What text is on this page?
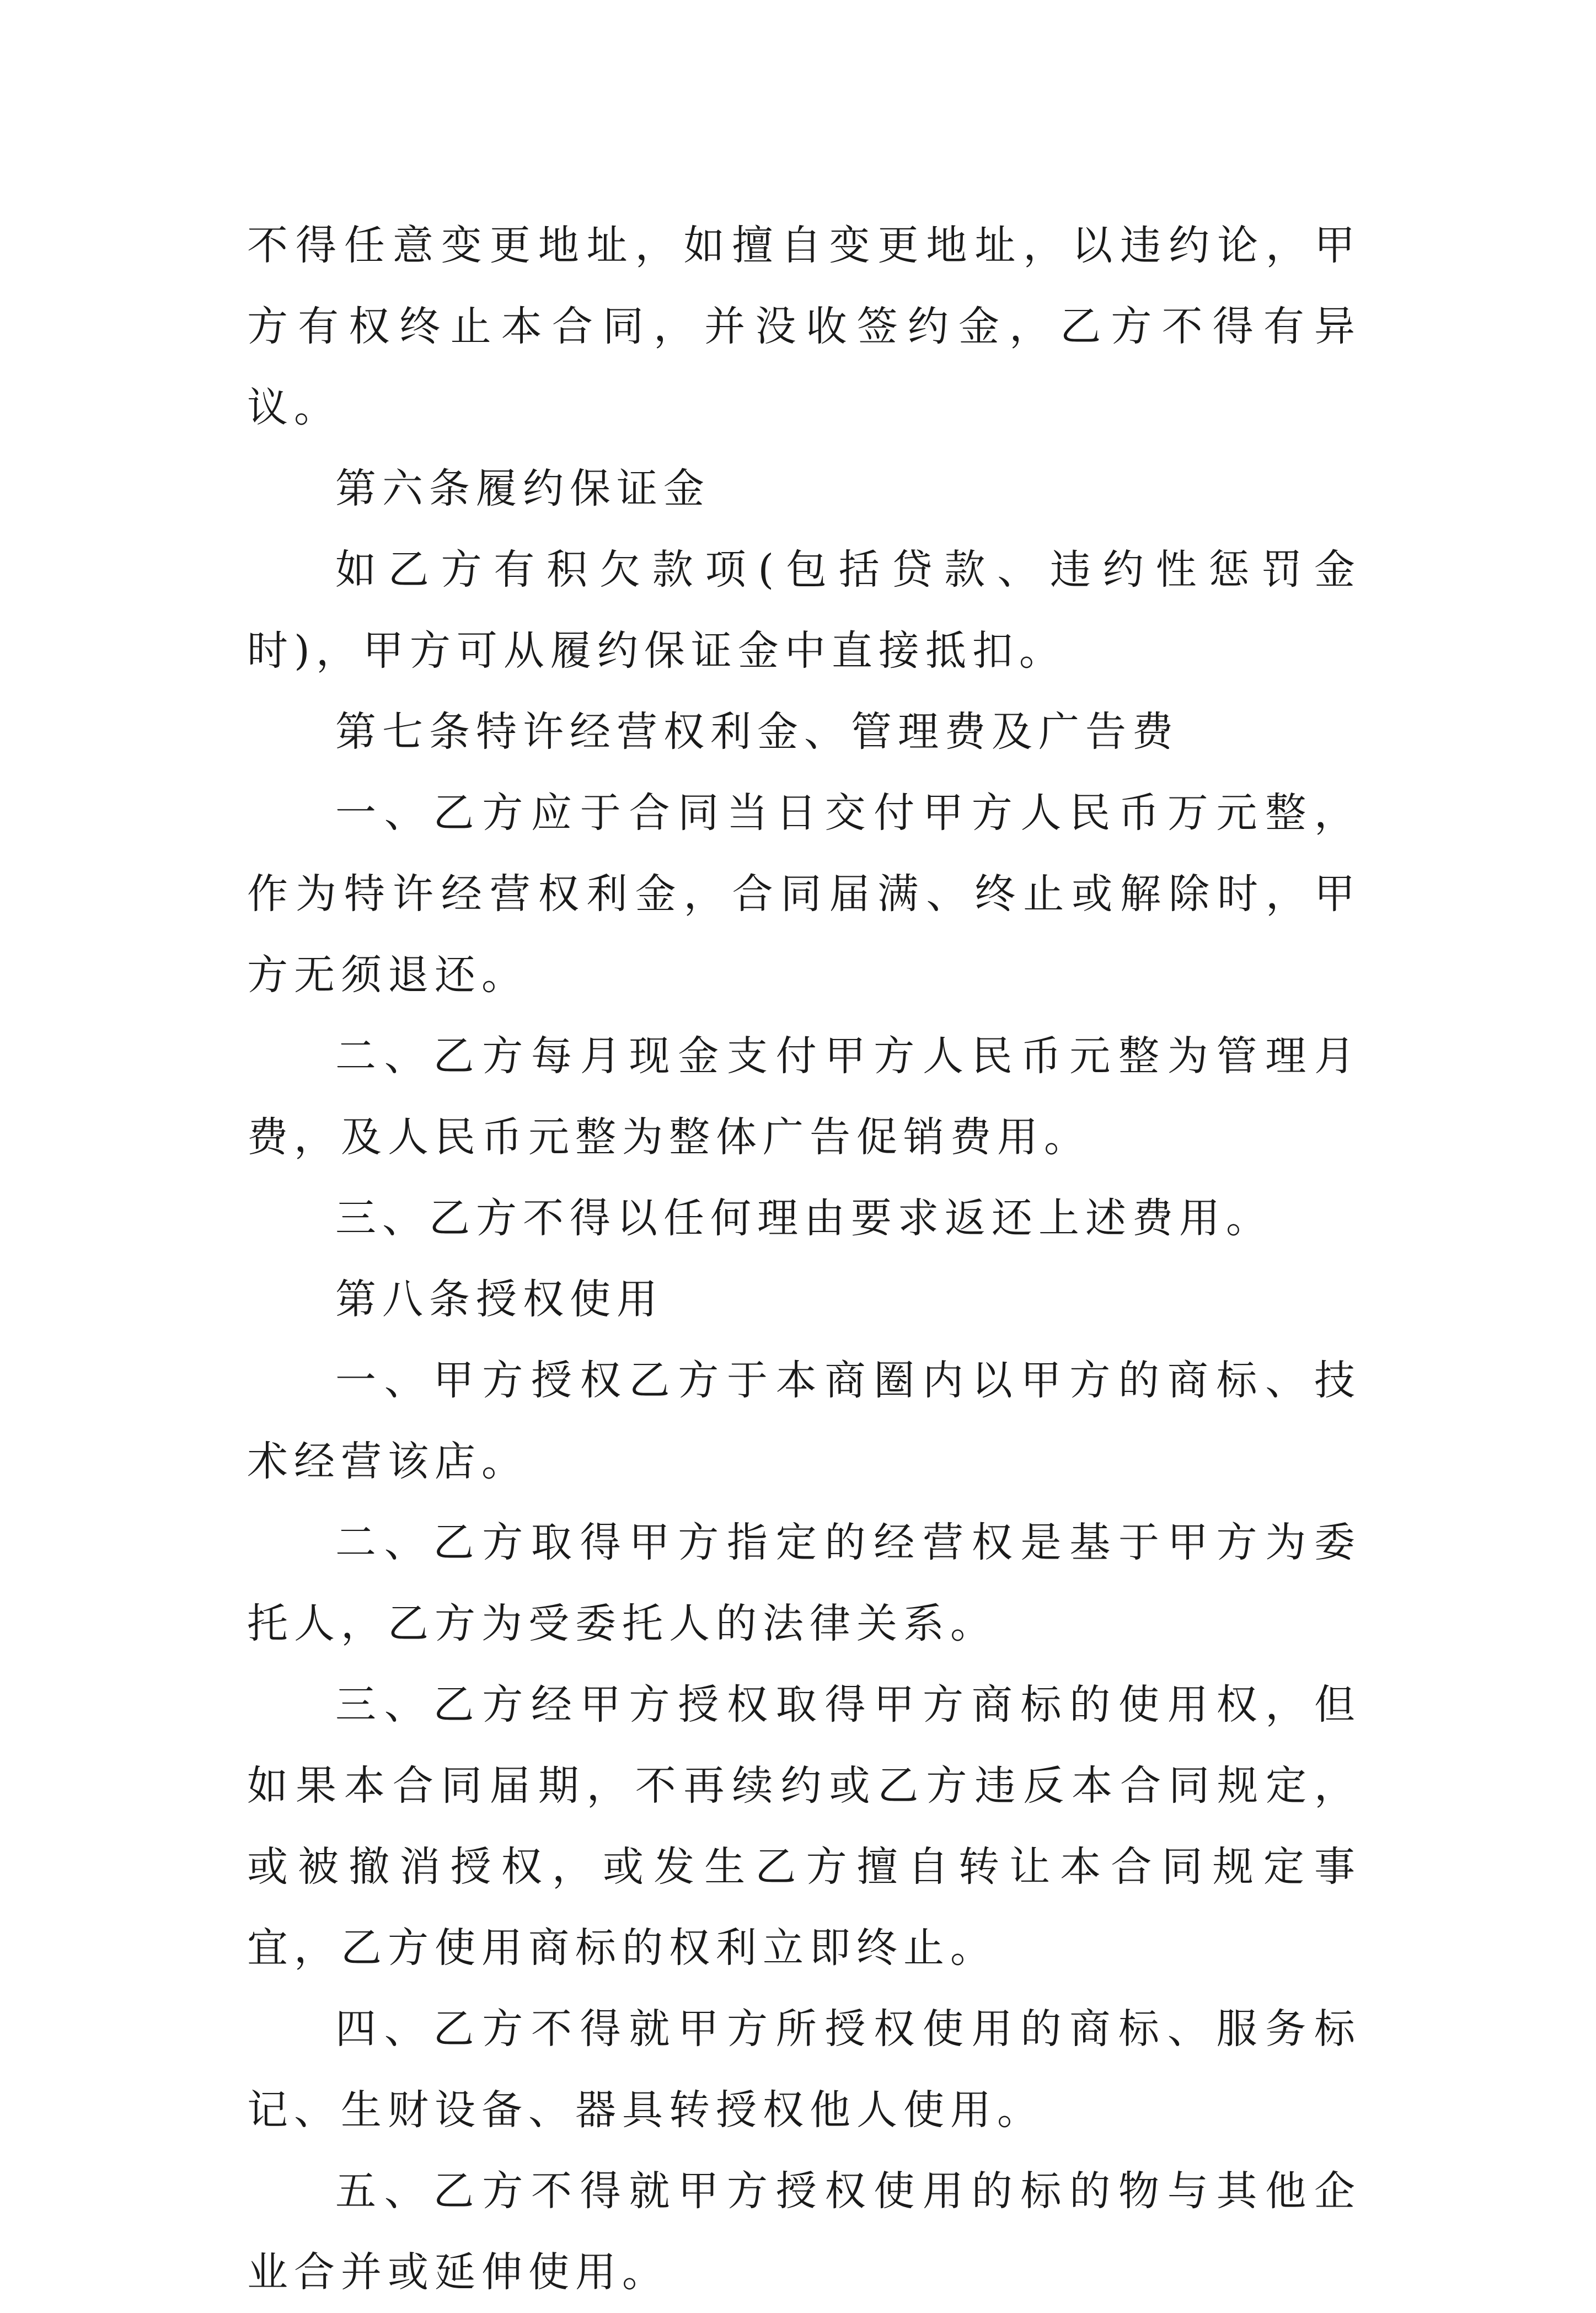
不得任意变更地址，如擅自变更地址，以违约论，甲方有权终止本合同，并没收签约金，乙方不得有异议。

第六条履约保证金

如乙方有积欠款项(包括贷款、违约性惩罚金时)，甲方可从履约保证金中直接抵扣。

第七条特许经营权利金、管理费及广告费

一、乙方应于合同当日交付甲方人民币万元整，作为特许经营权利金，合同届满、终止或解除时，甲方无须退还。

二、乙方每月现金支付甲方人民币元整为管理月费，及人民币元整为整体广告促销费用。

三、乙方不得以任何理由要求返还上述费用。

第八条授权使用

一、甲方授权乙方于本商圈内以甲方的商标、技术经营该店。

二、乙方取得甲方指定的经营权是基于甲方为委托人，乙方为受委托人的法律关系。

三、乙方经甲方授权取得甲方商标的使用权，但如果本合同届期，不再续约或乙方违反本合同规定，或被撤消授权，或发生乙方擅自转让本合同规定事宜，乙方使用商标的权利立即终止。

四、乙方不得就甲方所授权使用的商标、服务标记、生财设备、器具转授权他人使用。

五、乙方不得就甲方授权使用的标的物与其他企业合并或延伸使用。
